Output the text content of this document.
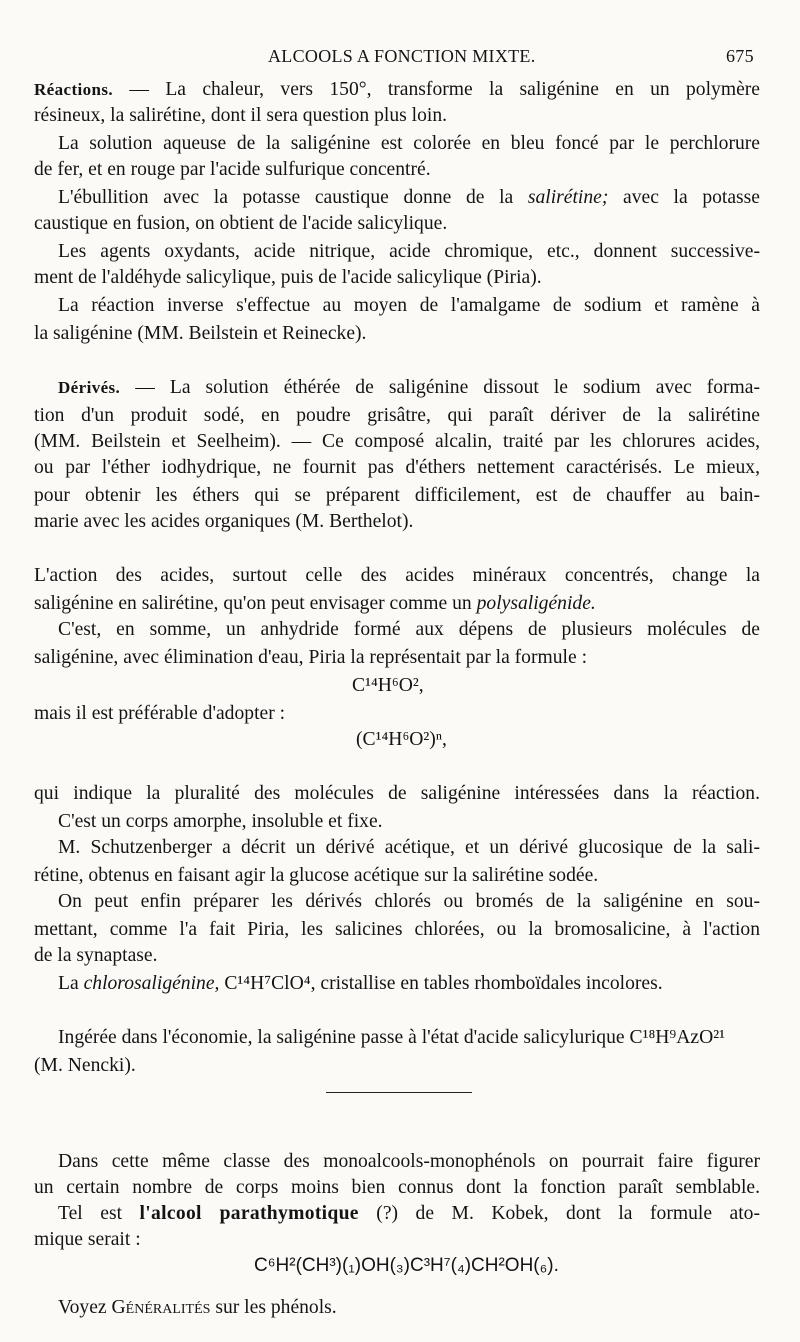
ALCOOLS A FONCTION MIXTE.	675
Réactions. — La chaleur, vers 150°, transforme la saligénine en un polymère
résineux, la salirétine, dont il sera question plus loin.
La solution aqueuse de la saligénine est colorée en bleu foncé par le perchlorure
de fer, et en rouge par l'acide sulfurique concentré.
L'ébullition avec la potasse caustique donne de la salirétine; avec la potasse
caustique en fusion, on obtient de l'acide salicylique.
Les agents oxydants, acide nitrique, acide chromique, etc., donnent successive-
ment de l'aldéhyde salicylique, puis de l'acide salicylique (Piria).
La réaction inverse s'effectue au moyen de l'amalgame de sodium et ramène à
la saligénine (MM. Beilstein et Reinecke).
Dérivés. — La solution éthérée de saligénine dissout le sodium avec forma-
tion d'un produit sodé, en poudre grisâtre, qui paraît dériver de la salirétine
(MM. Beilstein et Seelheim). — Ce composé alcalin, traité par les chlorures acides,
ou par l'éther iodhydrique, ne fournit pas d'éthers nettement caractérisés. Le mieux,
pour obtenir les éthers qui se préparent difficilement, est de chauffer au bain-
marie avec les acides organiques (M. Berthelot).
L'action des acides, surtout celle des acides minéraux concentrés, change la
saligénine en salirétine, qu'on peut envisager comme un polysaligénide.
C'est, en somme, un anhydride formé aux dépens de plusieurs molécules de
saligénine, avec élimination d'eau, Piria la représentait par la formule :
C¹⁴H⁶O²,
mais il est préférable d'adopter :
(C¹⁴H⁶O²)ⁿ,
qui indique la pluralité des molécules de saligénine intéressées dans la réaction.
C'est un corps amorphe, insoluble et fixe.
M. Schutzenberger a décrit un dérivé acétique, et un dérivé glucosique de la sali-
rétine, obtenus en faisant agir la glucose acétique sur la salirétine sodée.
On peut enfin préparer les dérivés chlorés ou bromés de la saligénine en sou-
mettant, comme l'a fait Piria, les salicines chlorées, ou la bromosalicine, à l'action
de la synaptase.
La chlorosaligénine, C¹⁴H⁷ClO⁴, cristallise en tables rhomboïdales incolores.
Ingérée dans l'économie, la saligénine passe à l'état d'acide salicylurique C¹⁸H⁹AzO²¹
(M. Nencki).
Dans cette même classe des monoalcools-monophénols on pourrait faire figurer
un certain nombre de corps moins bien connus dont la fonction paraît semblable.
Tel est l'alcool parathymotique (?) de M. Kobek, dont la formule ato-
mique serait :
C⁶H²(CH³)(₁)OH(₃)C³H⁷(₄)CH²OH(₆).
Voyez Généralités sur les phénols.
